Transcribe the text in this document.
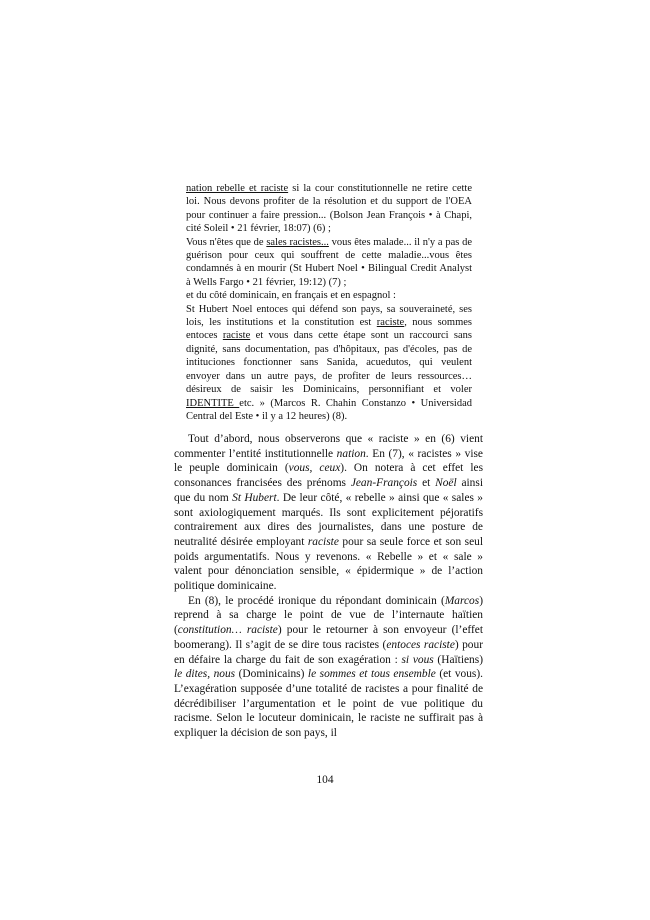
nation rebelle et raciste si la cour constitutionnelle ne retire cette loi. Nous devons profiter de la résolution et du support de l'OEA pour continuer a faire pression... (Bolson Jean François • à Chapi, cité Soleil • 21 février, 18:07) (6) ;

Vous n'êtes que de sales racistes... vous êtes malade... il n'y a pas de guérison pour ceux qui souffrent de cette maladie...vous êtes condamnés à en mourir (St Hubert Noel • Bilingual Credit Analyst à Wells Fargo • 21 février, 19:12) (7) ;

et du côté dominicain, en français et en espagnol :

St Hubert Noel entoces qui défend son pays, sa souveraineté, ses lois, les institutions et la constitution est raciste, nous sommes entoces raciste et vous dans cette étape sont un raccourci sans dignité, sans documentation, pas d'hôpitaux, pas d'écoles, pas de intituciones fonctionner sans Sanida, acuedutos, qui veulent envoyer dans un autre pays, de profiter de leurs ressources… désireux de saisir les Dominicains, personnifiant et voler IDENTITE etc. » (Marcos R. Chahin Constanzo • Universidad Central del Este • il y a 12 heures) (8).

Tout d’abord, nous observerons que « raciste » en (6) vient commenter l’entité institutionnelle nation. En (7), « racistes » vise le peuple dominicain (vous, ceux). On notera à cet effet les consonances francisées des prénoms Jean-François et Noël ainsi que du nom St Hubert. De leur côté, « rebelle » ainsi que « sales » sont axiologiquement marqués. Ils sont explicitement péjoratifs contrairement aux dires des journalistes, dans une posture de neutralité désirée employant raciste pour sa seule force et son seul poids argumentatifs. Nous y revenons. « Rebelle » et « sale » valent pour dénonciation sensible, « épidermique » de l’action politique dominicaine.

En (8), le procédé ironique du répondant dominicain (Marcos) reprend à sa charge le point de vue de l’internaute haïtien (constitution… raciste) pour le retourner à son envoyeur (l’effet boomerang). Il s’agit de se dire tous racistes (entoces raciste) pour en défaire la charge du fait de son exagération : si vous (Haïtiens) le dites, nous (Dominicains) le sommes et tous ensemble (et vous). L’exagération supposée d’une totalité de racistes a pour finalité de décrédibiliser l’argumentation et le point de vue politique du racisme. Selon le locuteur dominicain, le raciste ne suffirait pas à expliquer la décision de son pays, il

104
